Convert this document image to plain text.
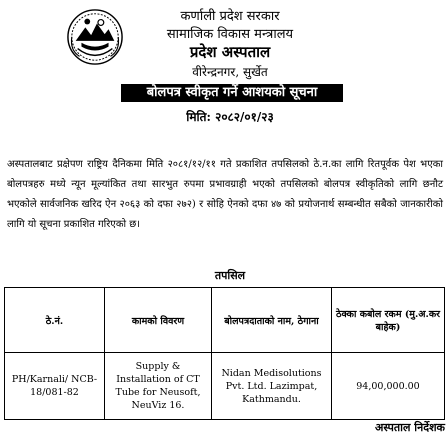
कर्णाली प्रदेश सरकार
सामाजिक विकास मन्त्रालय
प्रदेश अस्पताल
वीरेन्द्रनगर, सुर्खेत
बोलपत्र स्वीकृत गर्ने आशयको सूचना
मिति: २०८२/०१/२३

अस्पतालबाट प्रक्षेपण राष्ट्रिय दैनिकमा मिति २०८१/१२/११ गते प्रकाशित तपसिलको ठे.न.का लागि रितपूर्वक पेश भएका बोलपत्रहरु मध्ये न्यून मूल्यांकित तथा सारभुत रुपमा प्रभावग्राही भएको तपसिलको बोलपत्र स्वीकृतिको लागि छनौट भएकोले सार्वजनिक खरिद ऐन २०६३ को दफा २७२) र सोहि ऐनको दफा ४७ को प्रयोजनार्थ सम्बन्धीत सबैको जानकारीको लागि यो सूचना प्रकाशित गरिएको छ।

तपसिल
ठे.नं.	कामको विवरण	बोलपत्रदाताको नाम, ठेगाना	ठेक्का कबोल रकम (मु.अ.कर बाहेक)
PH/Karnali/ NCB- 18/081-82	Supply & Installation of CT Tube for Neusoft, NeuViz 16.	Nidan Medisolutions Pvt. Ltd. Lazimpat, Kathmandu.	94,00,000.00
अस्पताल निर्देशक
